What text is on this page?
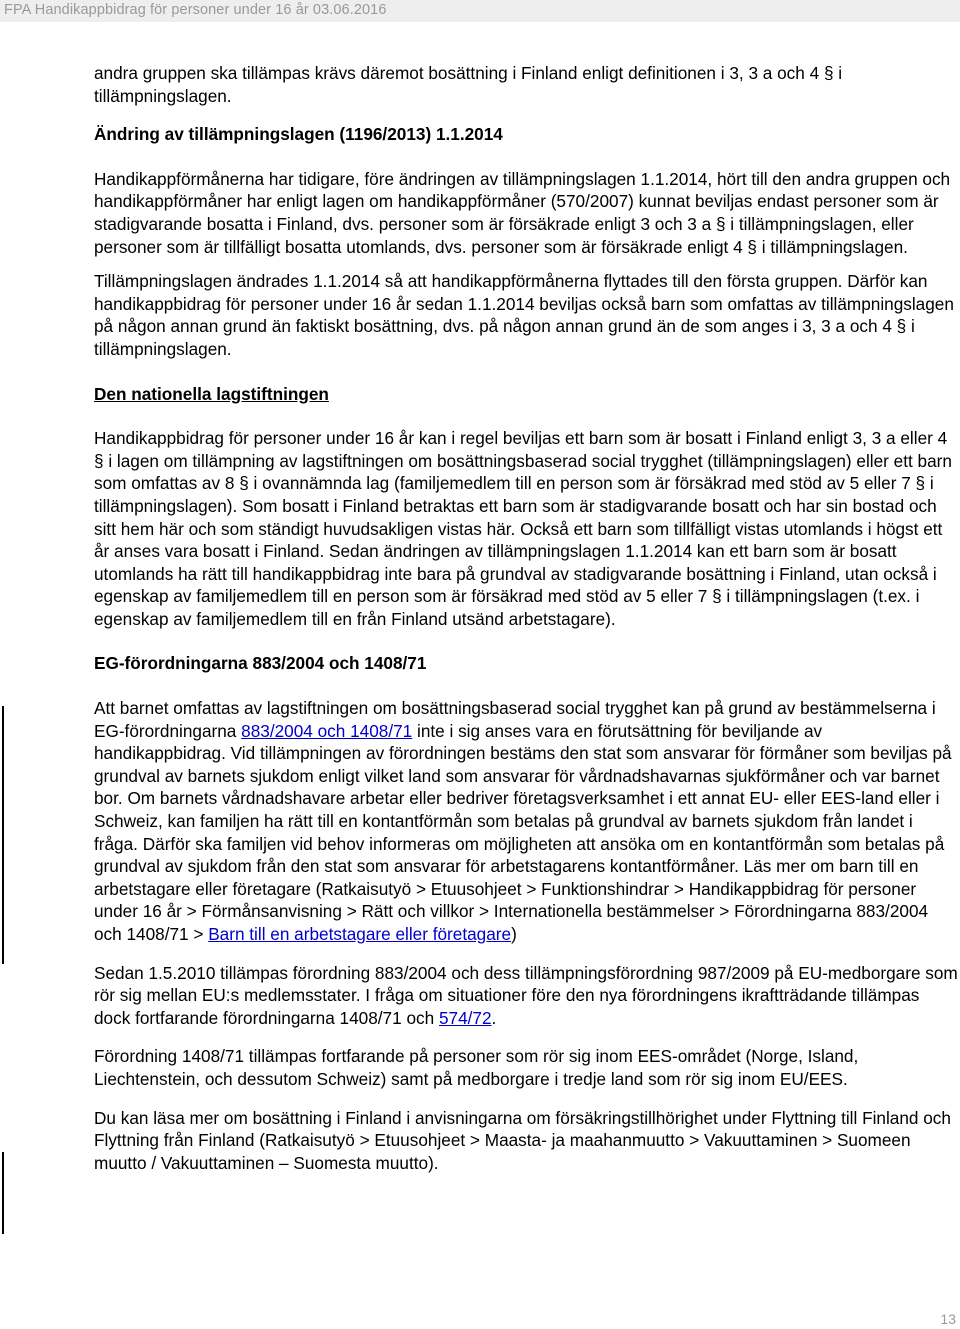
FPA Handikappbidrag för personer under 16 år 03.06.2016

andra gruppen ska tillämpas krävs däremot bosättning i Finland enligt definitionen i 3, 3 a och 4 § i

tillämpningslagen.

Ändring av tillämpningslagen (1196/2013) 1.1.2014

Handikappförmånerna har tidigare, före ändringen av tillämpningslagen 1.1.2014, hört till den andra gruppen och handikappförmåner har enligt lagen om handikappförmåner (570/2007) kunnat beviljas endast personer som är stadigvarande bosatta i Finland, dvs. personer som är försäkrade enligt 3 och 3 a § i tillämpningslagen, eller personer som är tillfälligt bosatta utomlands, dvs. personer som är försäkrade enligt 4 § i tillämpningslagen.

Tillämpningslagen ändrades 1.1.2014 så att handikappförmånerna flyttades till den första gruppen. Därför kan handikappbidrag för personer under 16 år sedan 1.1.2014 beviljas också barn som omfattas av tillämpningslagen på någon annan grund än faktiskt bosättning, dvs. på någon annan grund än de som anges i 3, 3 a och 4 § i tillämpningslagen.

Den nationella lagstiftningen

Handikappbidrag för personer under 16 år kan i regel beviljas ett barn som är bosatt i Finland enligt 3, 3 a eller 4 § i lagen om tillämpning av lagstiftningen om bosättningsbaserad social trygghet (tillämpningslagen) eller ett barn som omfattas av 8 § i ovannämnda lag (familjemedlem till en person som är försäkrad med stöd av 5 eller 7 § i tillämpningslagen). Som bosatt i Finland betraktas ett barn som är stadigvarande bosatt och har sin bostad och sitt hem här och som ständigt huvudsakligen vistas här. Också ett barn som tillfälligt vistas utomlands i högst ett år anses vara bosatt i Finland. Sedan ändringen av tillämpningslagen 1.1.2014 kan ett barn som är bosatt utomlands ha rätt till handikappbidrag inte bara på grundval av stadigvarande bosättning i Finland, utan också i egenskap av familjemedlem till en person som är försäkrad med stöd av 5 eller 7 § i tillämpningslagen (t.ex. i egenskap av familjemedlem till en från Finland utsänd arbetstagare).

EG-förordningarna 883/2004 och 1408/71

Att barnet omfattas av lagstiftningen om bosättningsbaserad social trygghet kan på grund av bestämmelserna i EG-förordningarna 883/2004 och 1408/71 inte i sig anses vara en förutsättning för beviljande av handikappbidrag. Vid tillämpningen av förordningen bestäms den stat som ansvarar för förmåner som beviljas på grundval av barnets sjukdom enligt vilket land som ansvarar för vårdnadshavarnas sjukförmåner och var barnet bor. Om barnets vårdnadshavare arbetar eller bedriver företagsverksamhet i ett annat EU- eller EES-land eller i Schweiz, kan familjen ha rätt till en kontantförmån som betalas på grundval av barnets sjukdom från landet i fråga. Därför ska familjen vid behov informeras om möjligheten att ansöka om en kontantförmån som betalas på grundval av sjukdom från den stat som ansvarar för arbetstagarens kontantförmåner. Läs mer om barn till en arbetstagare eller företagare (Ratkaisutyö > Etuusohjeet > Funktionshindrar > Handikappbidrag för personer under 16 år > Förmånsanvisning > Rätt och villkor > Internationella bestämmelser > Förordningarna 883/2004 och 1408/71 > Barn till en arbetstagare eller företagare)

Sedan 1.5.2010 tillämpas förordning 883/2004 och dess tillämpningsförordning 987/2009 på EU-medborgare som rör sig mellan EU:s medlemsstater. I fråga om situationer före den nya förordningens ikraftträdande tillämpas dock fortfarande förordningarna 1408/71 och 574/72.

Förordning 1408/71 tillämpas fortfarande på personer som rör sig inom EES-området (Norge, Island, Liechtenstein, och dessutom Schweiz) samt på medborgare i tredje land som rör sig inom EU/EES.

Du kan läsa mer om bosättning i Finland i anvisningarna om försäkringstillhörighet under Flyttning till Finland och Flyttning från Finland (Ratkaisutyö > Etuusohjeet > Maasta- ja maahanmuutto > Vakuuttaminen > Suomeen muutto / Vakuuttaminen – Suomesta muutto).

13
